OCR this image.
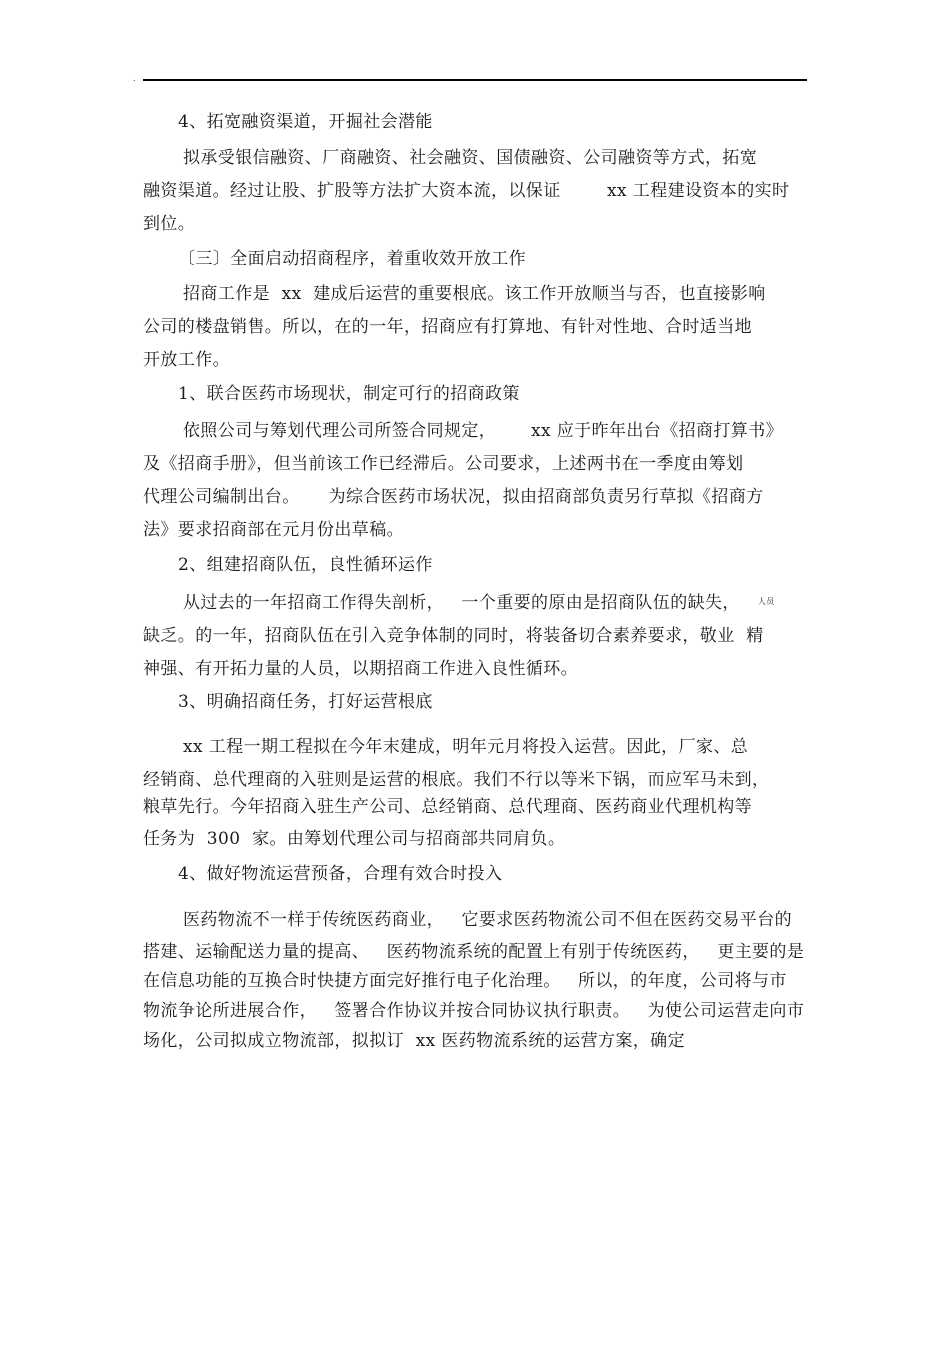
.
4、拓宽融资渠道，开掘社会潜能
拟承受银信融资、厂商融资、社会融资、国债融资、公司融资等方式，拓宽
融资渠道。经过让股、扩股等方法扩大资本流，以保证        xx 工程建设资本的实时
到位。
〔三〕全面启动招商程序，着重收效开放工作
招商工作是  xx  建成后运营的重要根底。该工作开放顺当与否，也直接影响
公司的楼盘销售。所以，在的一年，招商应有打算地、有针对性地、合时适当地
开放工作。
1、联合医药市场现状，制定可行的招商政策
依照公司与筹划代理公司所签合同规定，      xx 应于昨年出台《招商打算书》
及《招商手册》，但当前该工作已经滞后。公司要求，上述两书在一季度由筹划
代理公司编制出台。     为综合医药市场状况，拟由招商部负责另行草拟《招商方
法》要求招商部在元月份出草稿。
2、组建招商队伍，良性循环运作
从过去的一年招商工作得失剖析，   一个重要的原由是招商队伍的缺失， $^{人员}$
缺乏。的一年，招商队伍在引入竞争体制的同时，将装备切合素养要求，敬业  精
神强、有开拓力量的人员，以期招商工作进入良性循环。
3、明确招商任务，打好运营根底
xx 工程一期工程拟在今年末建成，明年元月将投入运营。因此，厂家、总
经销商、总代理商的入驻则是运营的根底。我们不行以等米下锅，而应军马未到，
粮草先行。今年招商入驻生产公司、总经销商、总代理商、医药商业代理机构等
任务为  300  家。由筹划代理公司与招商部共同肩负。
4、做好物流运营预备，合理有效合时投入
医药物流不一样于传统医药商业，   它要求医药物流公司不但在医药交易平台的
搭建、运输配送力量的提高、   医药物流系统的配置上有别于传统医药，   更主要的是
在信息功能的互换合时快捷方面完好推行电子化治理。   所以，的年度，公司将与市
物流争论所进展合作，   签署合作协议并按合同协议执行职责。   为使公司运营走向市
场化，公司拟成立物流部，拟拟订  xx 医药物流系统的运营方案，确定
